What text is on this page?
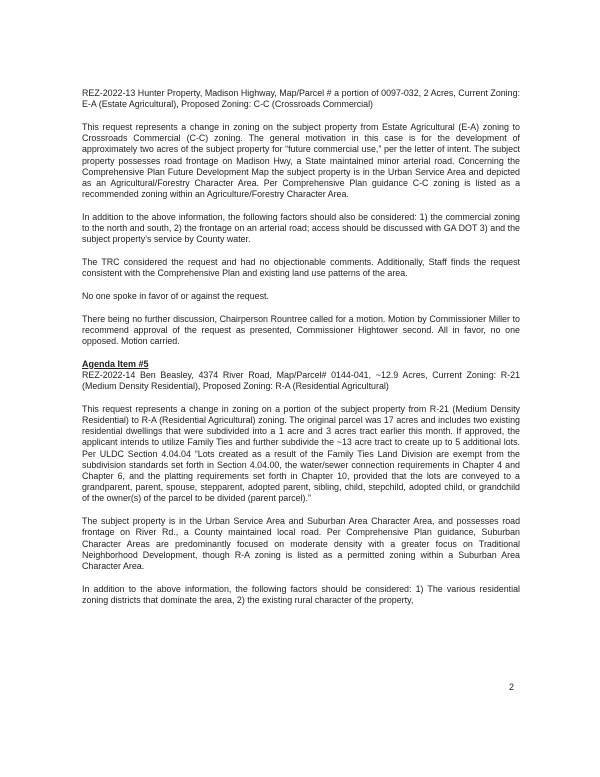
REZ-2022-13 Hunter Property, Madison Highway, Map/Parcel # a portion of 0097-032, 2 Acres, Current Zoning: E-A (Estate Agricultural), Proposed Zoning: C-C (Crossroads Commercial)

This request represents a change in zoning on the subject property from Estate Agricultural (E-A) zoning to Crossroads Commercial (C-C) zoning. The general motivation in this case is for the development of approximately two acres of the subject property for “future commercial use,” per the letter of intent. The subject property possesses road frontage on Madison Hwy, a State maintained minor arterial road. Concerning the Comprehensive Plan Future Development Map the subject property is in the Urban Service Area and depicted as an Agricultural/Forestry Character Area. Per Comprehensive Plan guidance C-C zoning is listed as a recommended zoning within an Agriculture/Forestry Character Area.

In addition to the above information, the following factors should also be considered: 1) the commercial zoning to the north and south, 2) the frontage on an arterial road; access should be discussed with GA DOT 3) and the subject property’s service by County water.

The TRC considered the request and had no objectionable comments. Additionally, Staff finds the request consistent with the Comprehensive Plan and existing land use patterns of the area.

No one spoke in favor of or against the request.

There being no further discussion, Chairperson Rountree called for a motion. Motion by Commissioner Miller to recommend approval of the request as presented, Commissioner Hightower second. All in favor, no one opposed. Motion carried.

Agenda Item #5

REZ-2022-14 Ben Beasley, 4374 River Road, Map/Parcel# 0144-041, ~12.9 Acres, Current Zoning: R-21 (Medium Density Residential), Proposed Zoning: R-A (Residential Agricultural)

This request represents a change in zoning on a portion of the subject property from R-21 (Medium Density Residential) to R-A (Residential Agricultural) zoning. The original parcel was 17 acres and includes two existing residential dwellings that were subdivided into a 1 acre and 3 acres tract earlier this month. If approved, the applicant intends to utilize Family Ties and further subdivide the ~13 acre tract to create up to 5 additional lots. Per ULDC Section 4.04.04 “Lots created as a result of the Family Ties Land Division are exempt from the subdivision standards set forth in Section 4.04.00, the water/sewer connection requirements in Chapter 4 and Chapter 6, and the platting requirements set forth in Chapter 10, provided that the lots are conveyed to a grandparent, parent, spouse, stepparent, adopted parent, sibling, child, stepchild, adopted child, or grandchild of the owner(s) of the parcel to be divided (parent parcel).”

The subject property is in the Urban Service Area and Suburban Area Character Area, and possesses road frontage on River Rd., a County maintained local road. Per Comprehensive Plan guidance, Suburban Character Areas are predominantly focused on moderate density with a greater focus on Traditional Neighborhood Development, though R-A zoning is listed as a permitted zoning within a Suburban Area Character Area.

In addition to the above information, the following factors should be considered: 1) The various residential zoning districts that dominate the area, 2) the existing rural character of the property,

2
